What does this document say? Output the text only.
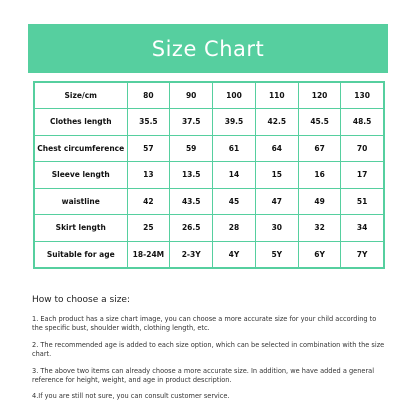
Size Chart
Size/cm	80	90	100	110	120	130
Clothes length	35.5	37.5	39.5	42.5	45.5	48.5
Chest circumference	57	59	61	64	67	70
Sleeve length	13	13.5	14	15	16	17
waistline	42	43.5	45	47	49	51
Skirt length	25	26.5	28	30	32	34
Suitable for age	18-24M	2-3Y	4Y	5Y	6Y	7Y
How to choose a size:
1. Each product has a size chart image, you can choose a more accurate size for your child according to the specific bust, shoulder width, clothing length, etc.
2. The recommended age is added to each size option, which can be selected in combination with the size chart.
3. The above two items can already choose a more accurate size. In addition, we have added a general reference for height, weight, and age in product description.
4.If you are still not sure, you can consult customer service.
